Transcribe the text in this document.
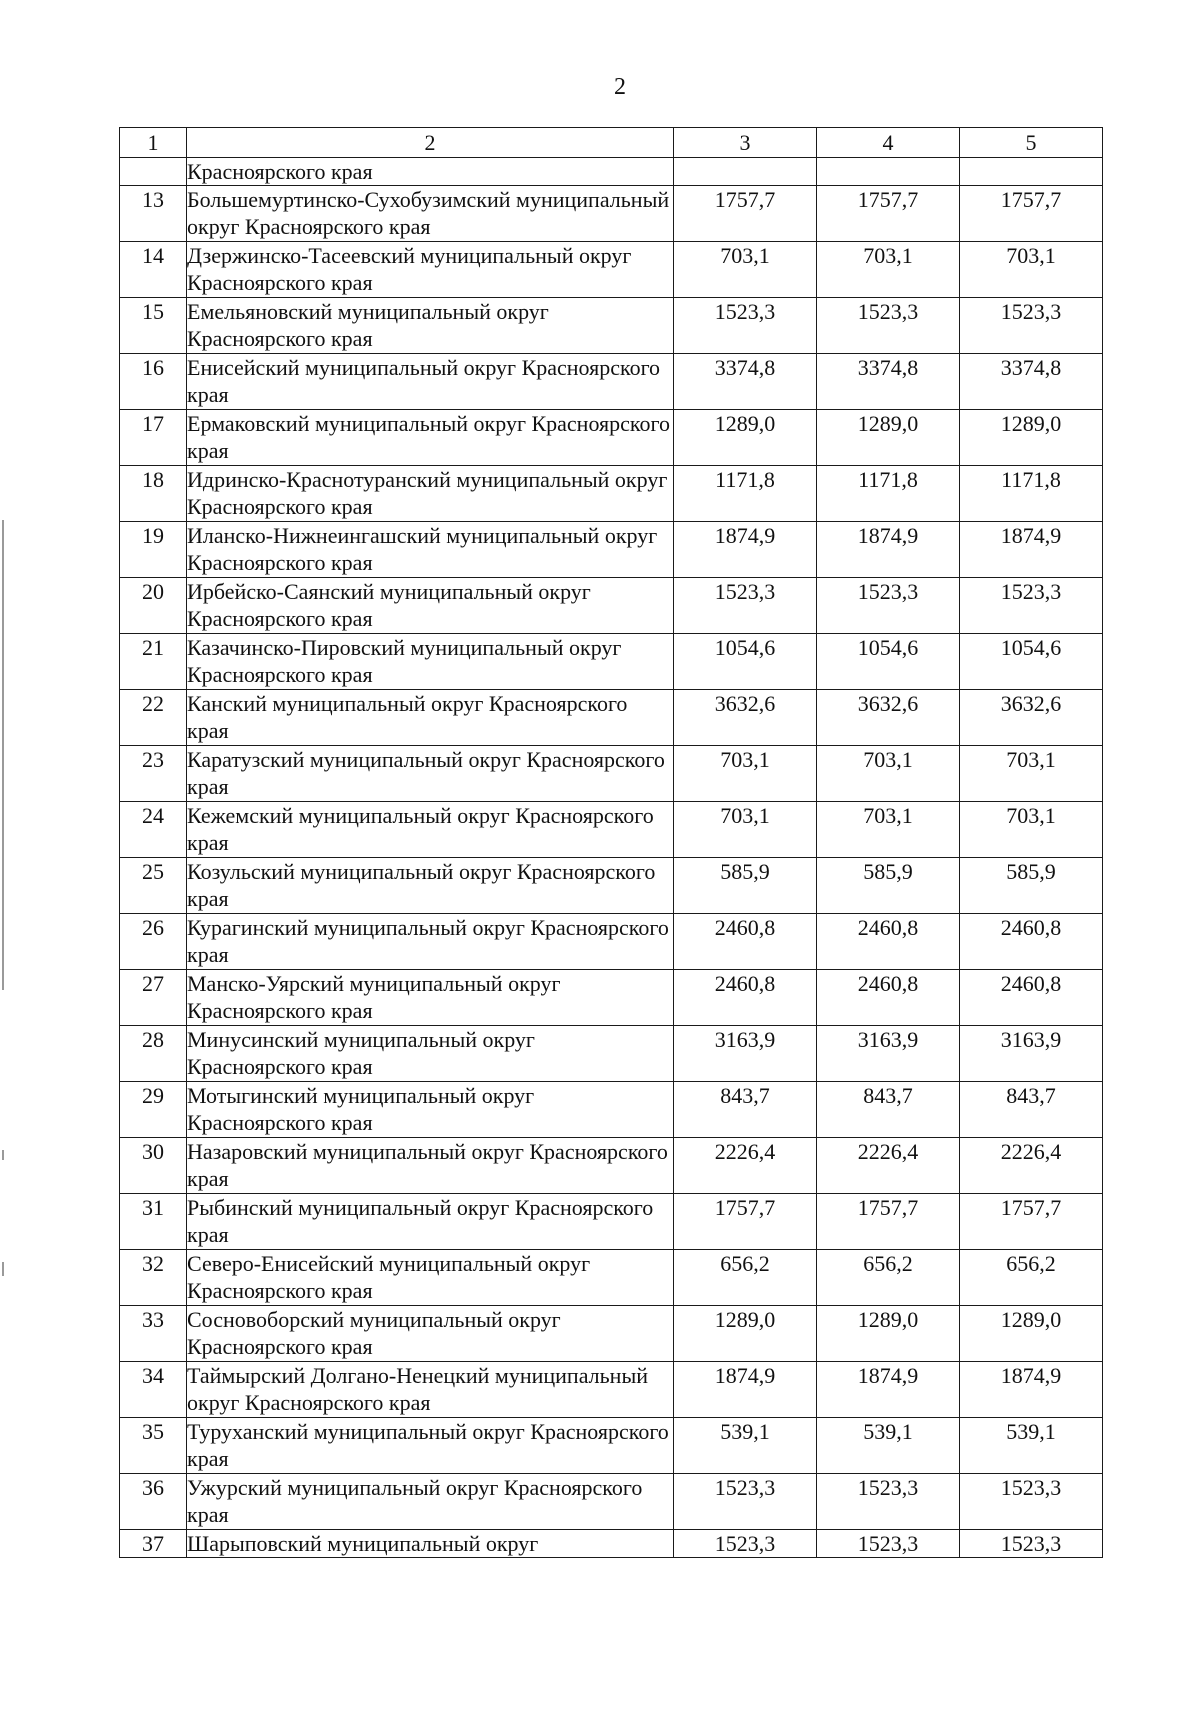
2
1	2	3	4	5
	Красноярского края			
13	Большемуртинско-Сухобузимский муниципальный округ Красноярского края	1757,7	1757,7	1757,7
14	Дзержинско-Тасеевский муниципальный округ Красноярского края	703,1	703,1	703,1
15	Емельяновский муниципальный округ Красноярского края	1523,3	1523,3	1523,3
16	Енисейский муниципальный округ Красноярского края	3374,8	3374,8	3374,8
17	Ермаковский муниципальный округ Красноярского края	1289,0	1289,0	1289,0
18	Идринско-Краснотуранский муниципальный округ Красноярского края	1171,8	1171,8	1171,8
19	Иланско-Нижнеингашский муниципальный округ Красноярского края	1874,9	1874,9	1874,9
20	Ирбейско-Саянский муниципальный округ Красноярского края	1523,3	1523,3	1523,3
21	Казачинско-Пировский муниципальный округ Красноярского края	1054,6	1054,6	1054,6
22	Канский муниципальный округ Красноярского края	3632,6	3632,6	3632,6
23	Каратузский муниципальный округ Красноярского края	703,1	703,1	703,1
24	Кежемский муниципальный округ Красноярского края	703,1	703,1	703,1
25	Козульский муниципальный округ Красноярского края	585,9	585,9	585,9
26	Курагинский муниципальный округ Красноярского края	2460,8	2460,8	2460,8
27	Манско-Уярский муниципальный округ Красноярского края	2460,8	2460,8	2460,8
28	Минусинский муниципальный округ Красноярского края	3163,9	3163,9	3163,9
29	Мотыгинский муниципальный округ Красноярского края	843,7	843,7	843,7
30	Назаровский муниципальный округ Красноярского края	2226,4	2226,4	2226,4
31	Рыбинский муниципальный округ Красноярского края	1757,7	1757,7	1757,7
32	Северо-Енисейский муниципальный округ Красноярского края	656,2	656,2	656,2
33	Сосновоборский муниципальный округ Красноярского края	1289,0	1289,0	1289,0
34	Таймырский Долгано-Ненецкий муниципальный округ Красноярского края	1874,9	1874,9	1874,9
35	Туруханский муниципальный округ Красноярского края	539,1	539,1	539,1
36	Ужурский муниципальный округ Красноярского края	1523,3	1523,3	1523,3
37	Шарыповский муниципальный округ	1523,3	1523,3	1523,3
